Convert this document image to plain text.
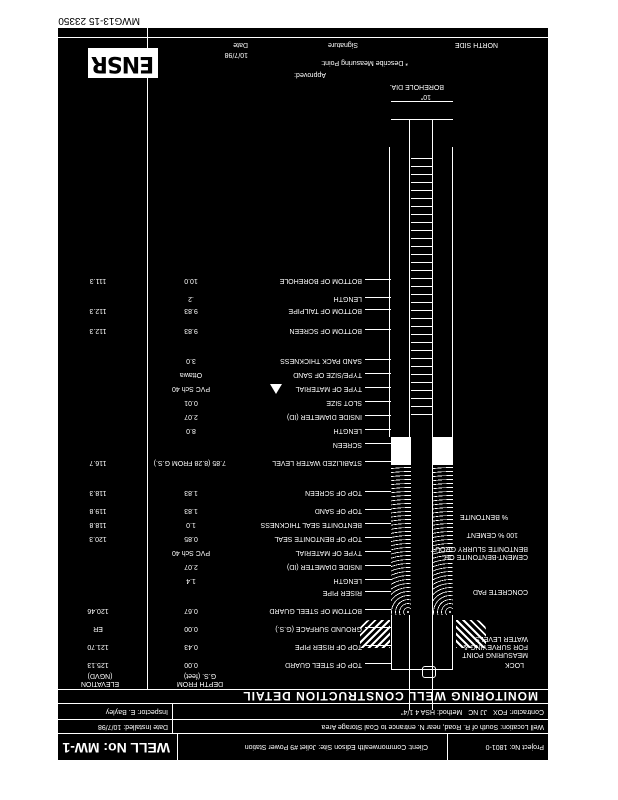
Project No: 1801-0
Client: Commonwealth Edison Site: Joliet #9 Power Station
WELL No: MW-1
Well Location: South of R. Road, near N. entrance to Coal Storage Area
Date Installed: 10/7/98
Contractor: FOX   JJ NC   Method: HSA 4 1/4"
Inspector: E. Bayley
MONITORING WELL CONSTRUCTION DETAIL
DEPTH FROM
G.S. (feet)
ELEVATION
(NGVD)
10"
BOREHOLE DIA.
LOCK
MEASURING POINT
FOR SURVEYING &
WATER LEVELS
CONCRETE PAD
CEMENT-BENTONITE OR
BENTONITE SLURRY GROUT
100 % CEMENT
% BENTONITE
NORTH SIDE
* Describe Measuring Point:
Signature
Date
10/7/98
Approved:
ENSR
TOP OF STEEL GUARD
0.00
125.13
TOP OF RISER PIPE
0.43
121.70
GROUND SURFACE (G.S.)
0.00
ER
BOTTOM OF STEEL GUARD
0.67
120.46
RISER PIPE
LENGTH
1.4
INSIDE DIAMETER (ID)
2.07
TYPE OF MATERIAL
PVC Sch 40
TOP OF BENTONITE SEAL
0.85
120.3
BENTONITE SEAL THICKNESS
1.0
118.8
TOP OF SAND
1.83
119.8
TOP OF SCREEN
1.83
118.3
STABILIZED WATER LEVEL
7.85 (8.28 FROM G.S.)
116.7
SCREEN
LENGTH
8.0
INSIDE DIAMETER (ID)
2.07
SLOT SIZE
0.01
TYPE OF MATERIAL
PVC Sch 40
TYPE/SIZE OF SAND
Ottawa
SAND PACK THICKNESS
3.0
BOTTOM OF SCREEN
9.83
112.3
BOTTOM OF TAILPIPE
9.83
112.3
LENGTH
.2
BOTTOM OF BOREHOLE
10.0
111.3
MWG13-15 23350
